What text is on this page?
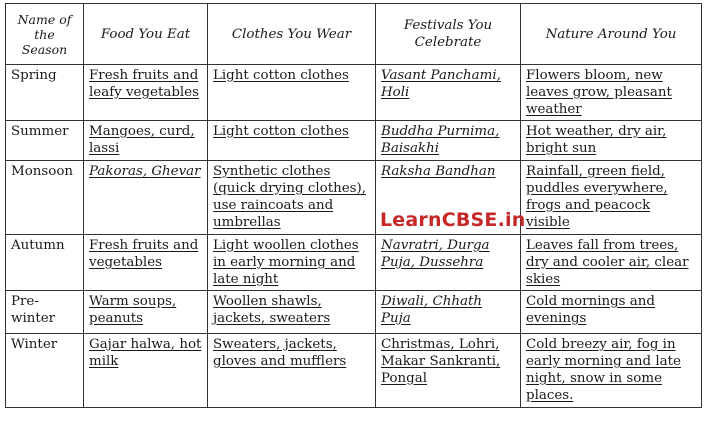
Name of the Season	Food You Eat	Clothes You Wear	Festivals You Celebrate	Nature Around You
Spring	Fresh fruits and leafy vegetables	Light cotton clothes	Vasant Panchami, Holi	Flowers bloom, new leaves grow, pleasant weather

Summer	Mangoes, curd, lassi	Light cotton clothes	Buddha Purnima, Baisakhi	Hot weather, dry air, bright sun

Monsoon	Pakoras, Ghevar	Synthetic clothes (quick drying clothes), use raincoats and umbrellas	Raksha Bandhan	Rainfall, green field, puddles everywhere, frogs and peacock visible

Autumn	Fresh fruits and vegetables	Light woollen clothes in early morning and late night	Navratri, Durga Puja, Dussehra	Leaves fall from trees, dry and cooler air, clear skies

Pre-winter	Warm soups, peanuts	Woollen shawls, jackets, sweaters	Diwali, Chhath Puja	Cold mornings and evenings

Winter	Gajar halwa, hot milk	Sweaters, jackets, gloves and mufflers	Christmas, Lohri, Makar Sankranti, Pongal	Cold breezy air, fog in early morning and late night, snow in some places.
LearnCBSE.in
